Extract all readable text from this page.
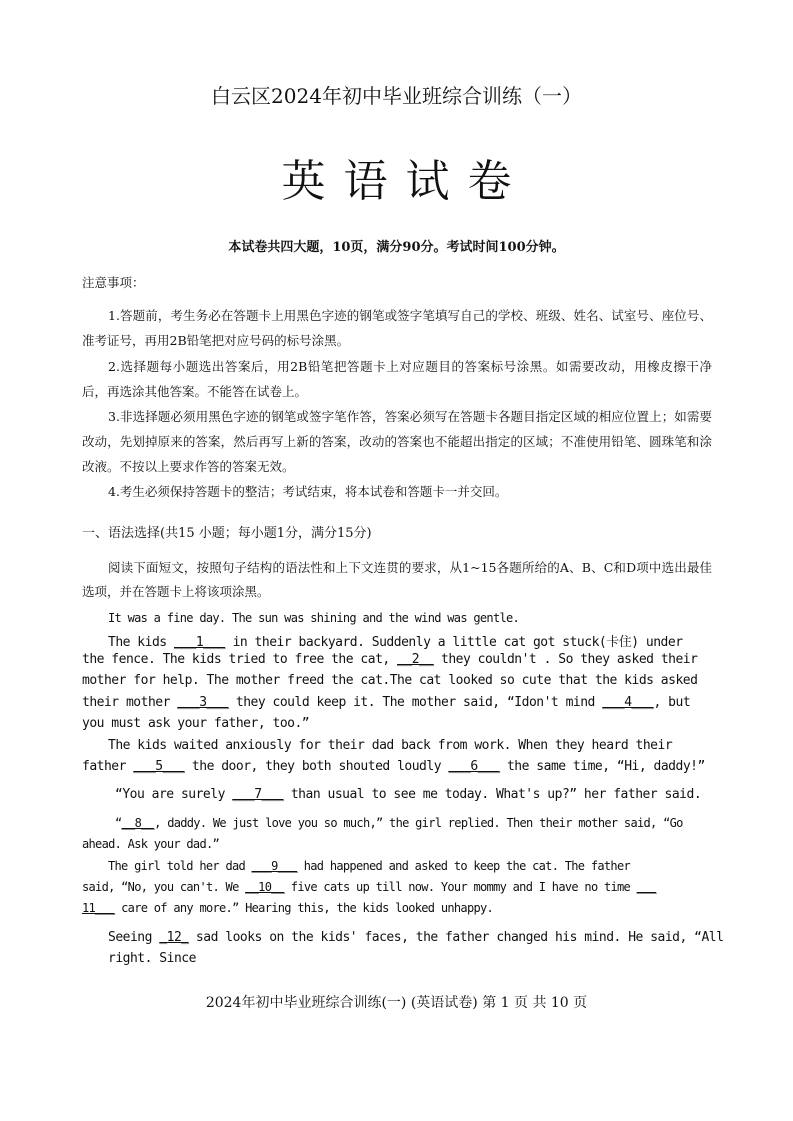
白云区2024年初中毕业班综合训练（一）
英语试卷
本试卷共四大题，10页，满分90分。考试时间100分钟。
注意事项：
1.答题前，考生务必在答题卡上用黑色字迹的钢笔或签字笔填写自己的学校、班级、姓名、试室号、座位号、准考证号，再用2B铅笔把对应号码的标号涂黑。
2.选择题每小题选出答案后，用2B铅笔把答题卡上对应题目的答案标号涂黑。如需要改动，用橡皮擦干净后，再选涂其他答案。不能答在试卷上。
3.非选择题必须用黑色字迹的钢笔或签字笔作答，答案必须写在答题卡各题目指定区域的相应位置上；如需要改动，先划掉原来的答案，然后再写上新的答案，改动的答案也不能超出指定的区域；不准使用铅笔、圆珠笔和涂改液。不按以上要求作答的答案无效。
4.考生必须保持答题卡的整洁；考试结束，将本试卷和答题卡一并交回。
一、语法选择(共15 小题；每小题1分，满分15分)
阅读下面短文，按照句子结构的语法性和上下文连贯的要求，从1~15各题所给的A、B、C和D项中选出最佳选项，并在答题卡上将该项涂黑。
It was a fine day. The sun was shining and the wind was gentle.
The kids ___1___ in their backyard. Suddenly a little cat got stuck(卡住) under
the fence. The kids tried to free the cat, __2__ they couldn't . So they asked their
mother for help. The mother freed the cat.The cat looked so cute that the kids asked
their mother ___3___ they could keep it. The mother said, “Idon't mind ___4___, but
you must ask your father, too.”
The kids waited anxiously for their dad back from work. When they heard their
father ___5___ the door, they both shouted loudly ___6___ the same time, “Hi, daddy!”
“You are surely ___7___ than usual to see me today. What's up?” her father said.
“__8__, daddy. We just love you so much,” the girl replied. Then their mother said, “Go
ahead. Ask your dad.”
The girl told her dad ___9___ had happened and asked to keep the cat. The father
said, “No, you can't. We __10__ five cats up till now. Your mommy and I have no time ___
11___ care of any more.” Hearing this, the kids looked unhappy.
Seeing _12_ sad looks on the kids' faces, the father changed his mind. He said, “All
right. Since
2024年初中毕业班综合训练(一) (英语试卷) 第 1 页 共 10 页
